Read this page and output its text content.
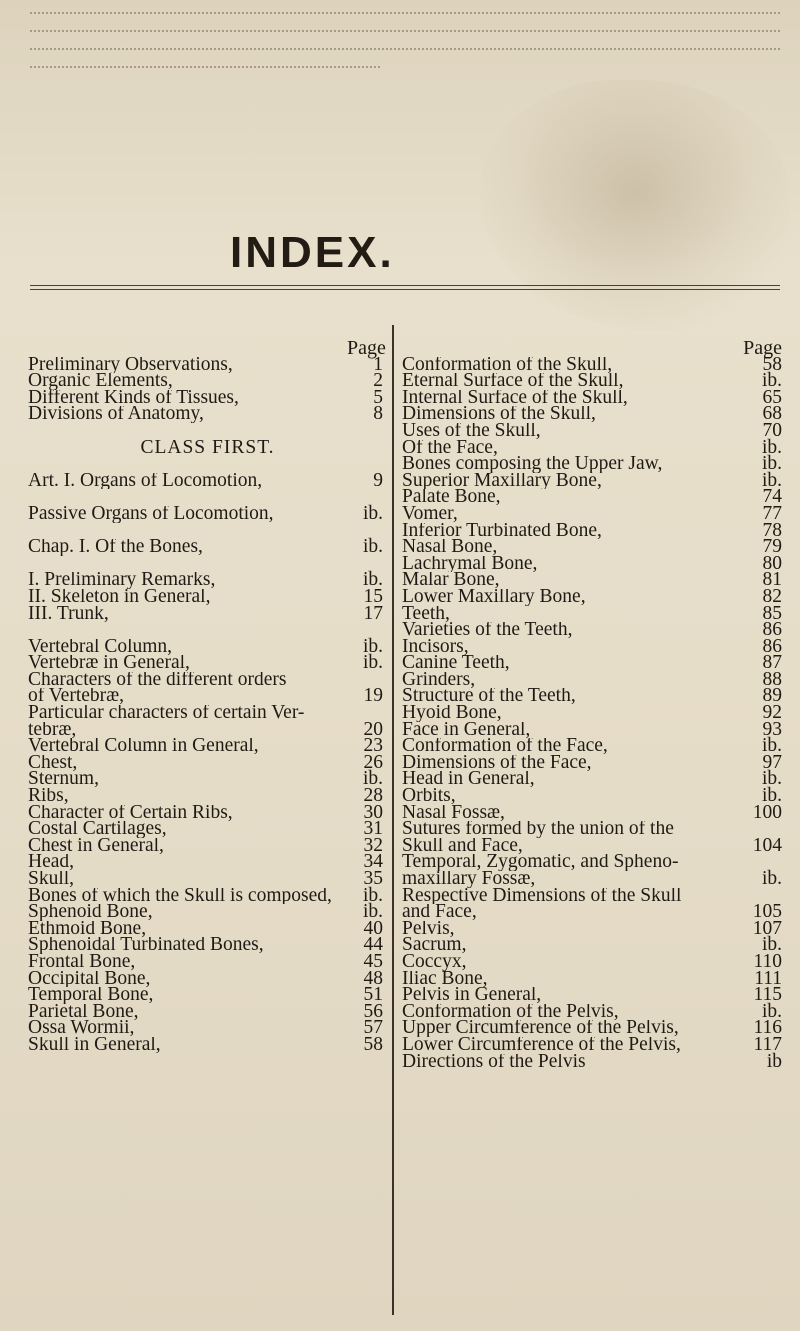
INDEX.
Page
Preliminary Observations,	1
Organic Elements,	2
Different Kinds of Tissues,	5
Divisions of Anatomy,	8
CLASS FIRST.
Art. I. Organs of Locomotion,	9
Passive Organs of Locomotion,	ib.
Chap. I. Of the Bones,	ib.
I. Preliminary Remarks,	ib.
II. Skeleton in General,	15
III. Trunk,	17
Vertebral Column,	ib.
Vertebræ in General,	ib.
Characters of the different orders
of Vertebræ,	19
Particular characters of certain Ver-
tebræ,	20
Vertebral Column in General,	23
Chest,	26
Sternum,	ib.
Ribs,	28
Character of Certain Ribs,	30
Costal Cartilages,	31
Chest in General,	32
Head,	34
Skull,	35
Bones of which the Skull is composed,	ib.
Sphenoid Bone,	ib.
Ethmoid Bone,	40
Sphenoidal Turbinated Bones,	44
Frontal Bone,	45
Occipital Bone,	48
Temporal Bone,	51
Parietal Bone,	56
Ossa Wormii,	57
Skull in General,	58
Page
Conformation of the Skull,	58
Eternal Surface of the Skull,	ib.
Internal Surface of the Skull,	65
Dimensions of the Skull,	68
Uses of the Skull,	70
Of the Face,	ib.
Bones composing the Upper Jaw,	ib.
Superior Maxillary Bone,	ib.
Palate Bone,	74
Vomer,	77
Inferior Turbinated Bone,	78
Nasal Bone,	79
Lachrymal Bone,	80
Malar Bone,	81
Lower Maxillary Bone,	82
Teeth,	85
Varieties of the Teeth,	86
Incisors,	86
Canine Teeth,	87
Grinders,	88
Structure of the Teeth,	89
Hyoid Bone,	92
Face in General,	93
Conformation of the Face,	ib.
Dimensions of the Face,	97
Head in General,	ib.
Orbits,	ib.
Nasal Fossæ,	100
Sutures formed by the union of the
Skull and Face,	104
Temporal, Zygomatic, and Spheno-
maxillary Fossæ,	ib.
Respective Dimensions of the Skull
and Face,	105
Pelvis,	107
Sacrum,	ib.
Coccyx,	110
Iliac Bone,	111
Pelvis in General,	115
Conformation of the Pelvis,	ib.
Upper Circumference of the Pelvis,	116
Lower Circumference of the Pelvis,	117
Directions of the Pelvis	ib
